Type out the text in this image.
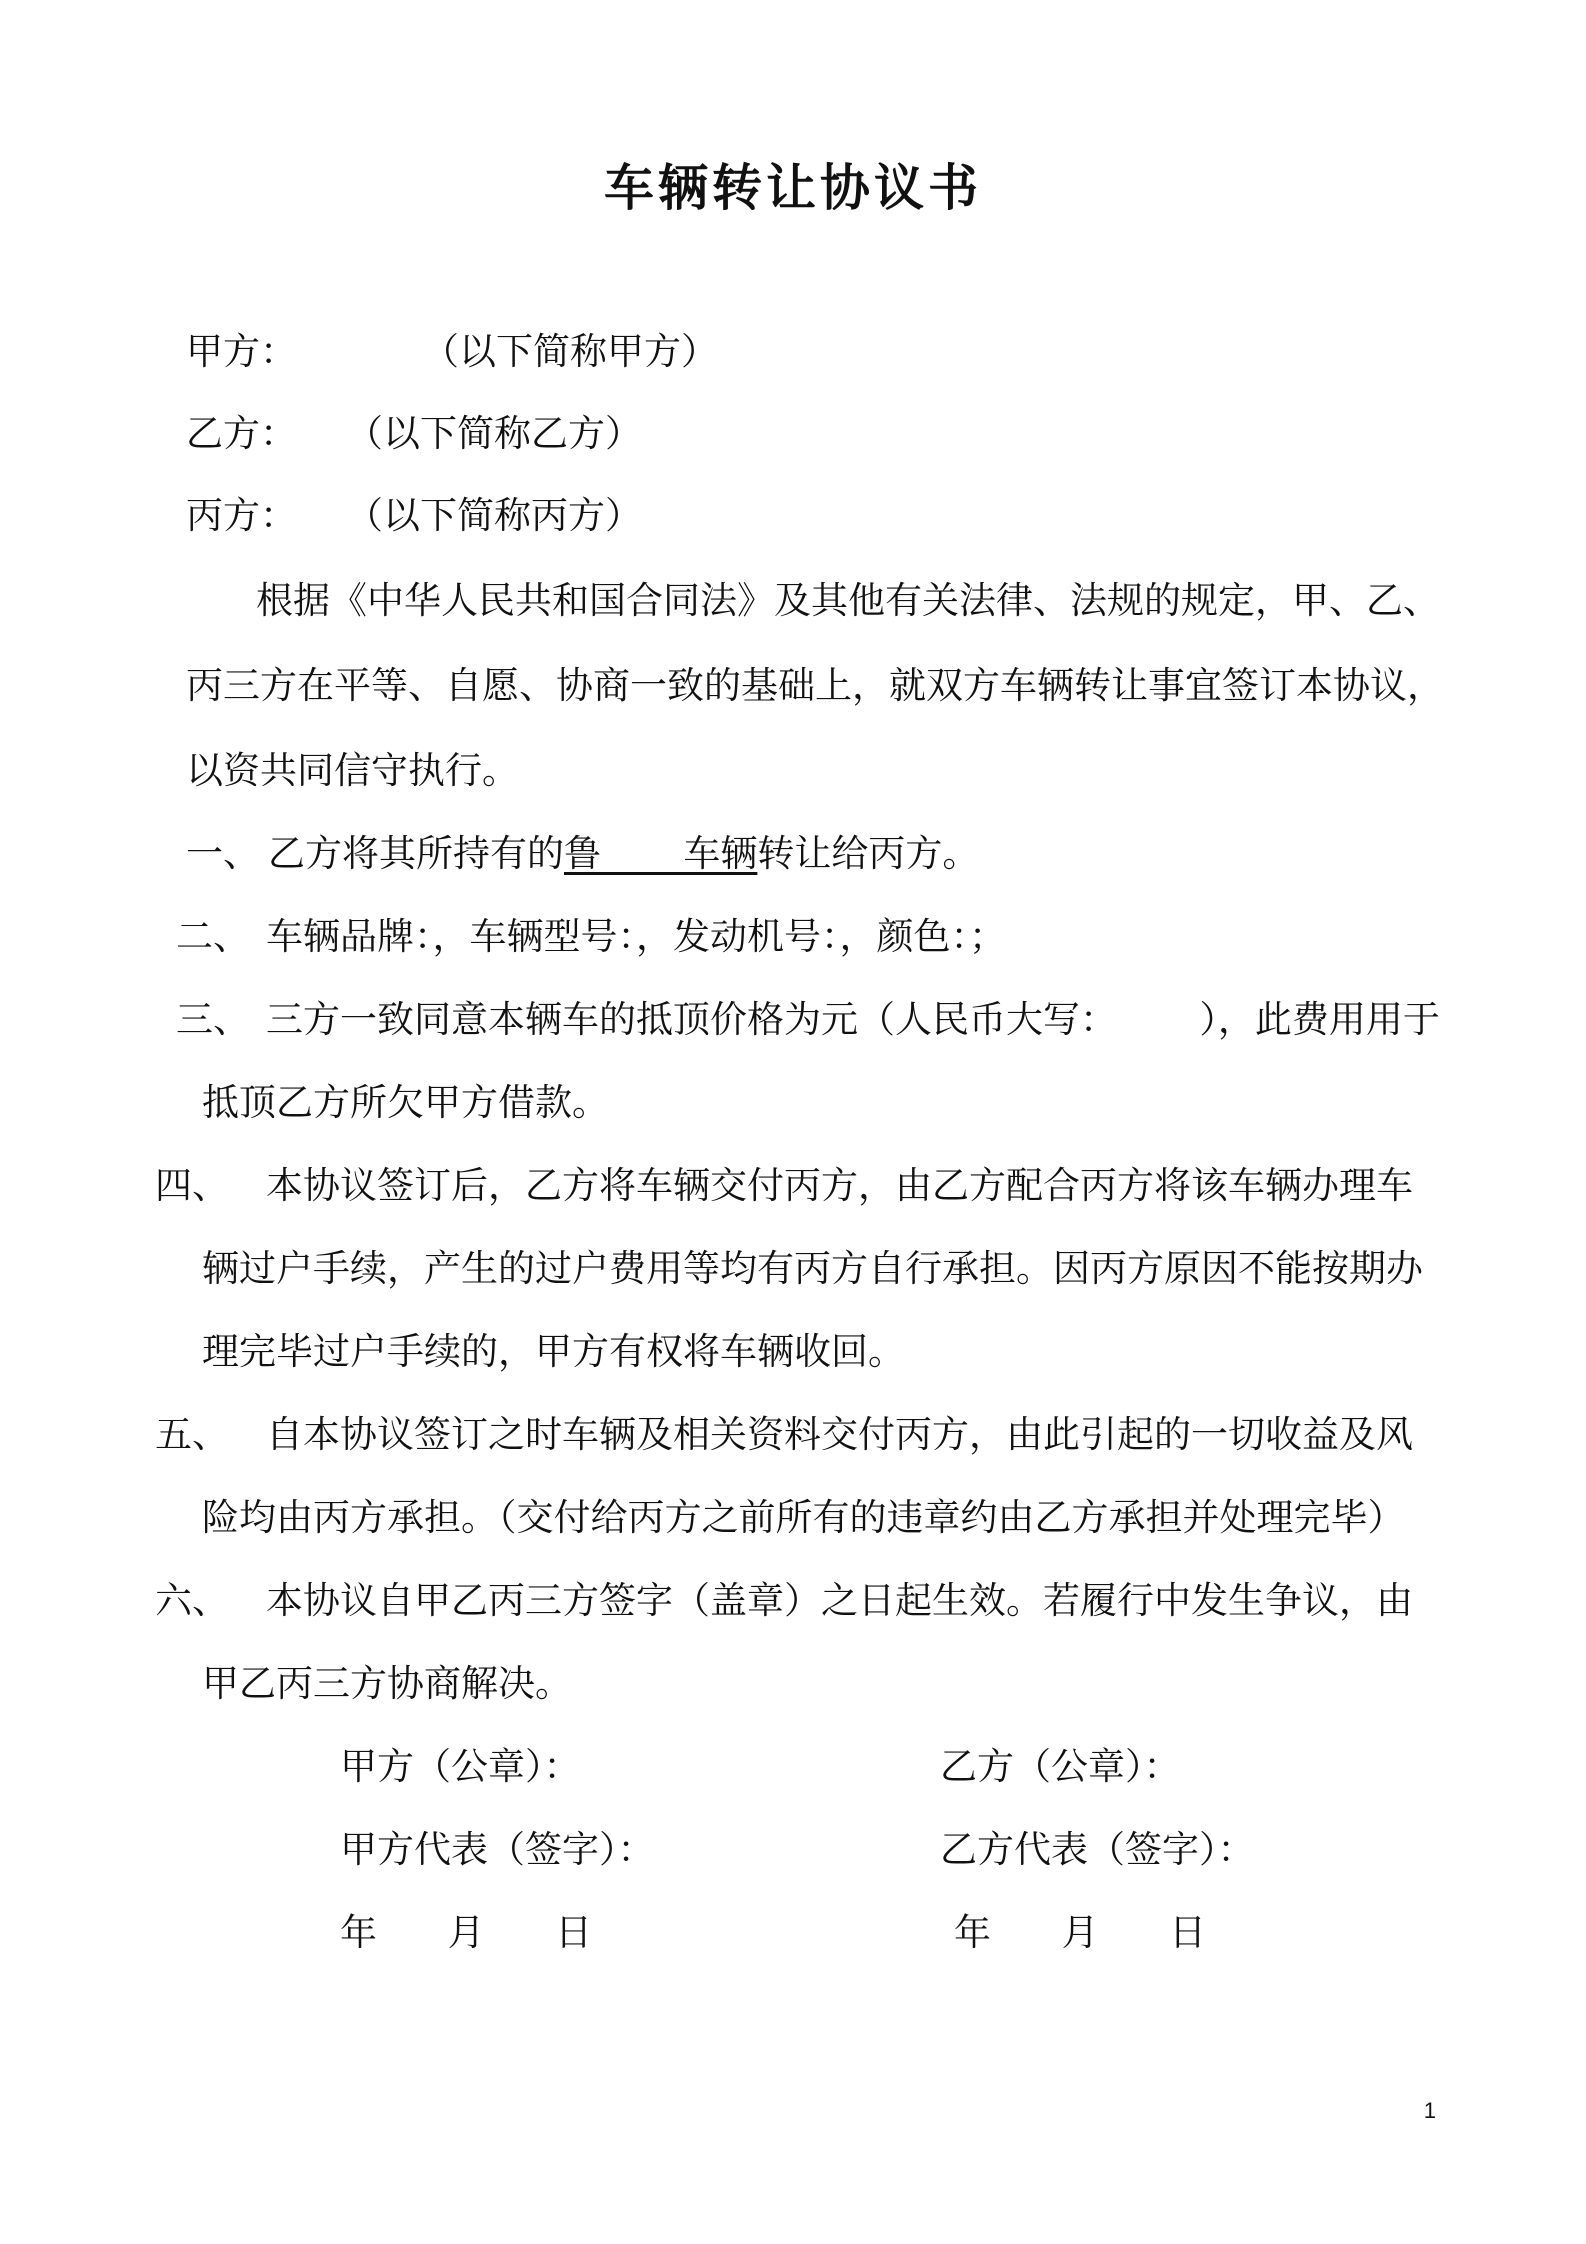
车辆转让协议书
甲方：	（以下简称甲方）
乙方： （以下简称乙方）
丙方： （以下简称丙方）
根据《中华人民共和国合同法》及其他有关法律、法规的规定，甲、乙、
丙三方在平等、自愿、协商一致的基础上，就双方车辆转让事宜签订本协议，
以资共同信守执行。
一、 乙方将其所持有的鲁       车辆转让给丙方。
二、 车辆品牌：，车辆型号：，发动机号：，颜色：；
三、 三方一致同意本辆车的抵顶价格为元（人民币大写：       ），此费用用于
抵顶乙方所欠甲方借款。
四、 本协议签订后，乙方将车辆交付丙方，由乙方配合丙方将该车辆办理车
辆过户手续，产生的过户费用等均有丙方自行承担。因丙方原因不能按期办
理完毕过户手续的，甲方有权将车辆收回。
五、 自本协议签订之时车辆及相关资料交付丙方，由此引起的一切收益及风
险均由丙方承担。（交付给丙方之前所有的违章约由乙方承担并处理完毕）
六、 本协议自甲乙丙三方签字（盖章）之日起生效。若履行中发生争议，由
甲乙丙三方协商解决。
甲方（公章）：	乙方（公章）：
甲方代表（签字）：	乙方代表（签字）：
年      月      日	年      月      日
1
